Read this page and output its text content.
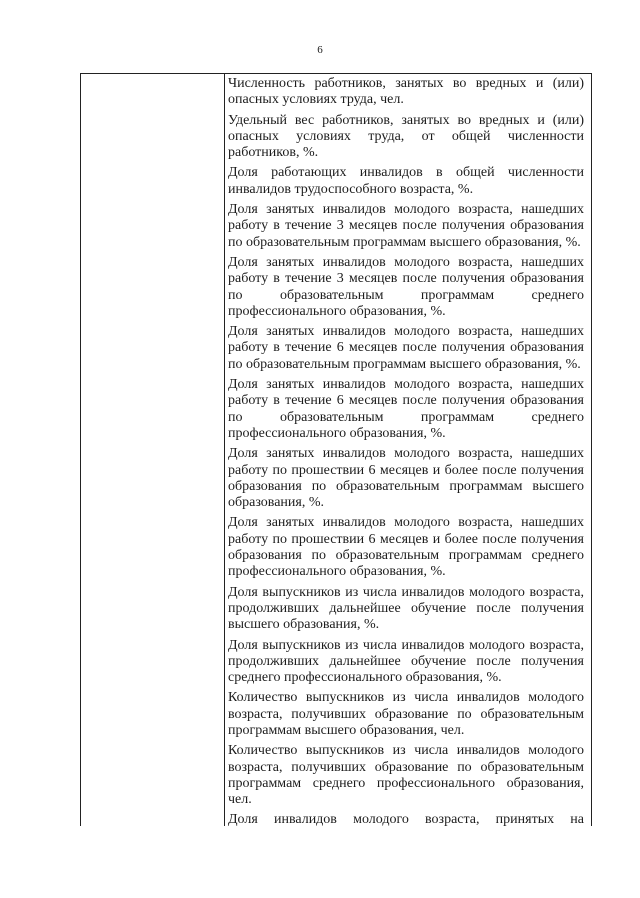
6

Численность работников, занятых во вредных и (или) опасных условиях труда, чел.

Удельный вес работников, занятых во вредных и (или) опасных условиях труда, от общей численности работников, %.

Доля работающих инвалидов в общей численности инвалидов трудоспособного возраста, %.

Доля занятых инвалидов молодого возраста, нашедших работу в течение 3 месяцев после получения образования по образовательным программам высшего образования, %.

Доля занятых инвалидов молодого возраста, нашедших работу в течение 3 месяцев после получения образования по образовательным программам среднего профессионального образования, %.

Доля занятых инвалидов молодого возраста, нашедших работу в течение 6 месяцев после получения образования по образовательным программам высшего образования, %.

Доля занятых инвалидов молодого возраста, нашедших работу в течение 6 месяцев после получения образования по образовательным программам среднего профессионального образования, %.

Доля занятых инвалидов молодого возраста, нашедших работу по прошествии 6 месяцев и более после получения образования по образовательным программам высшего образования, %.

Доля занятых инвалидов молодого возраста, нашедших работу по прошествии 6 месяцев и более после получения образования по образовательным программам среднего профессионального образования, %.

Доля выпускников из числа инвалидов молодого возраста, продолживших дальнейшее обучение после получения высшего образования, %.

Доля выпускников из числа инвалидов молодого возраста, продолживших дальнейшее обучение после получения среднего профессионального образования, %.

Количество выпускников из числа инвалидов молодого возраста, получивших образование по образовательным программам высшего образования, чел.

Количество выпускников из числа инвалидов молодого возраста, получивших образование по образовательным программам среднего профессионального образования, чел.

Доля инвалидов молодого возраста, принятых на
